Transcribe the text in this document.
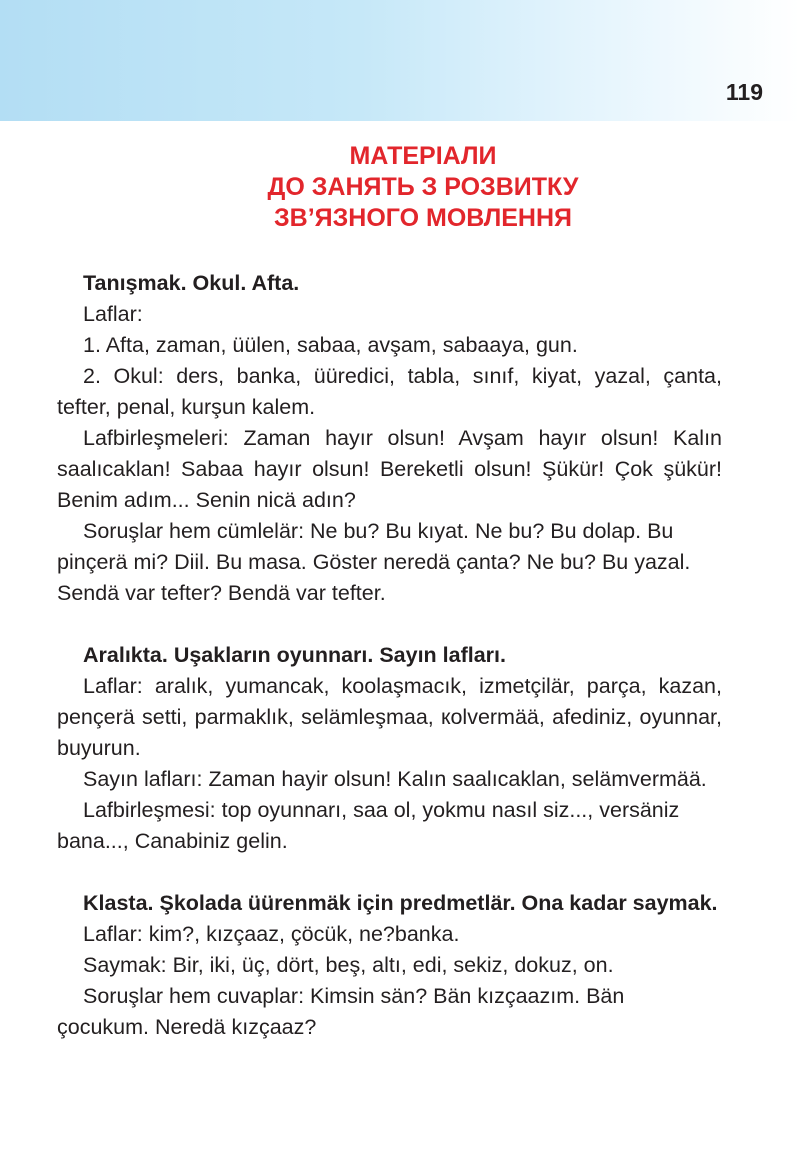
119
МАТЕРІАЛИ
ДО ЗАНЯТЬ З РОЗВИТКУ
ЗВ’ЯЗНОГО МОВЛЕННЯ
Tanışmak. Okul. Afta.
Laflar:
1. Afta, zaman, üülen, sabaa, avşam, sabaaya, gun.
2. Okul: ders, banka, üüredici, tabla, sınıf, kiyat, yazal, çanta, tefter, penal, kurşun kalem.
Lafbirleşmeleri: Zaman hayır olsun! Avşam hayır olsun! Kalın saalıcaklan! Sabaa hayır olsun! Bereketli olsun! Şükür! Çok şükür! Benim adım... Senin nicä adın?
Soruşlar hem cümlelär: Ne bu? Bu kıyat. Ne bu? Bu dolap. Bu pinçerä mi? Diil. Bu masa. Göster neredä çanta? Ne bu? Bu yazal. Sendä var tefter? Bendä var tefter.
Aralıkta. Uşakların oyunnarı. Sayın lafları.
Laflar: aralık, yumancak, koolaşmacık, izmetçilär, parça, kazan, pençerä setti, parmaklık, selämleşmaa, кolvermää, afediniz, oyunnar, buyurun.
Sayın lafları: Zaman hayir olsun! Kalın saalıcaklan, selämvermää.
Lafbirleşmesi: top oyunnarı, saa ol, yokmu nasıl siz..., versäniz bana..., Canabiniz gelin.
Klasta. Şkolada üürenmäk için predmetlär. Ona kadar saymak.
Laflar: kim?, kızçaaz, çöcük, ne?banka.
Saymak: Bir, iki, üç, dört, beş, altı, edi, sekiz, dokuz, on.
Soruşlar hem cuvaplar: Kimsin sän? Bän kızçaazım. Bän çocukum. Neredä kızçaaz?
